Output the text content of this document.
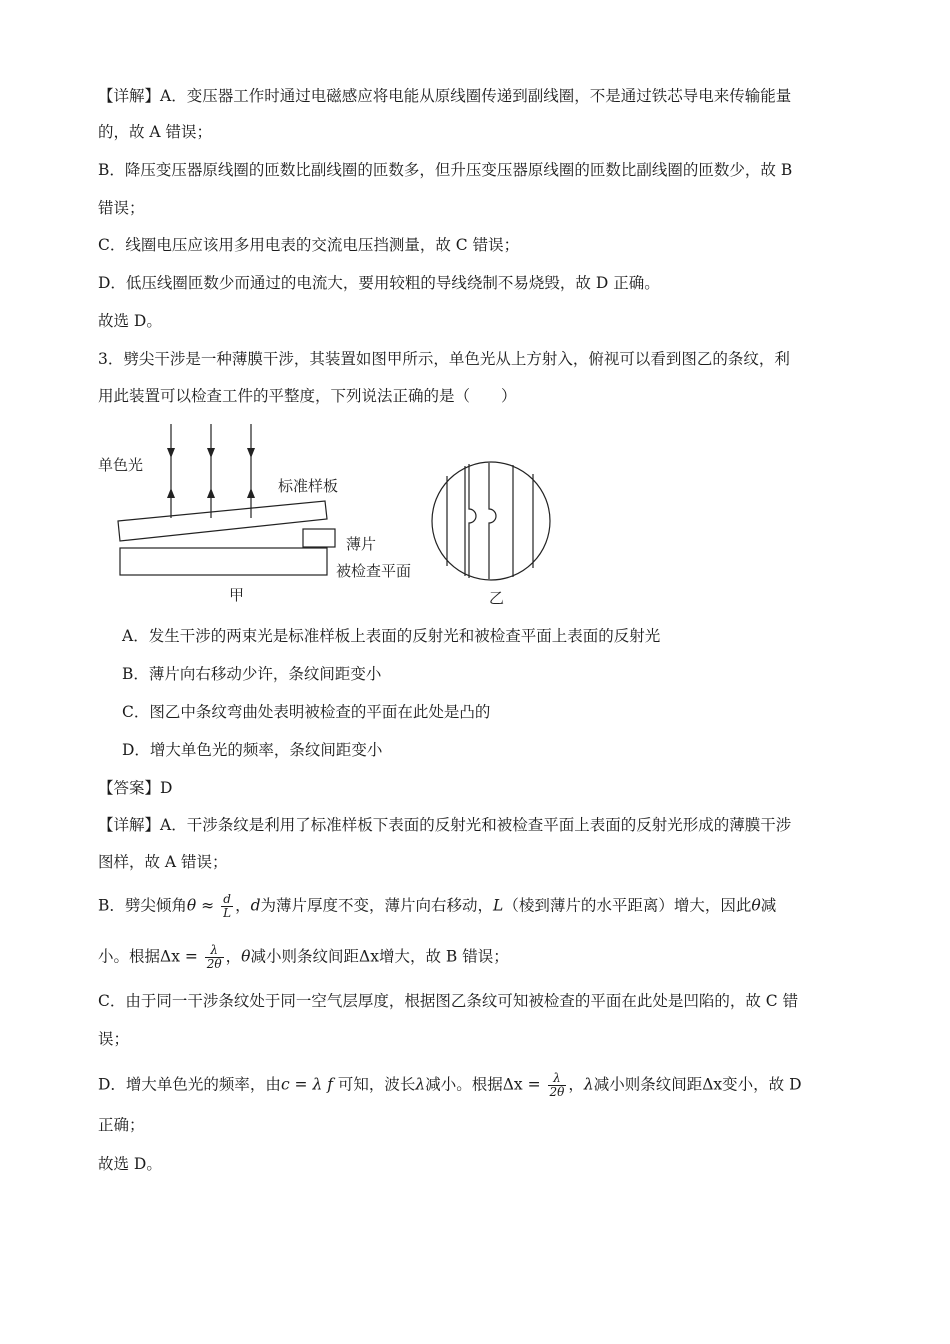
【详解】A．变压器工作时通过电磁感应将电能从原线圈传递到副线圈，不是通过铁芯导电来传输能量
的，故 A 错误；
B．降压变压器原线圈的匝数比副线圈的匝数多，但升压变压器原线圈的匝数比副线圈的匝数少，故 B
错误；
C．线圈电压应该用多用电表的交流电压挡测量，故 C 错误；
D．低压线圈匝数少而通过的电流大，要用较粗的导线绕制不易烧毁，故 D 正确。
故选 D。
3．劈尖干涉是一种薄膜干涉，其装置如图甲所示，单色光从上方射入，俯视可以看到图乙的条纹，利
用此装置可以检查工件的平整度，下列说法正确的是（　　）
单色光
标准样板
薄片
被检查平面
甲	乙
A．发生干涉的两束光是标准样板上表面的反射光和被检查平面上表面的反射光
B．薄片向右移动少许，条纹间距变小
C．图乙中条纹弯曲处表明被检查的平面在此处是凸的
D．增大单色光的频率，条纹间距变小
【答案】D
【详解】A．干涉条纹是利用了标准样板下表面的反射光和被检查平面上表面的反射光形成的薄膜干涉
图样，故 A 错误；
B．劈尖倾角$\theta \approx \frac{d}{L}$ ，d为薄片厚度不变，薄片向右移动，L（棱到薄片的水平距离）增大，因此θ减
小。根据$\Delta x = \frac{\lambda}{2\theta}$ ，θ减小则条纹间距Δx增大，故 B 错误；
C．由于同一干涉条纹处于同一空气层厚度，根据图乙条纹可知被检查的平面在此处是凹陷的，故 C 错
误；
D．增大单色光的频率，由c = λ f 可知，波长λ减小。根据$\Delta x = \frac{\lambda}{2\theta}$ ，λ减小则条纹间距Δx变小，故 D
正确；
故选 D。
